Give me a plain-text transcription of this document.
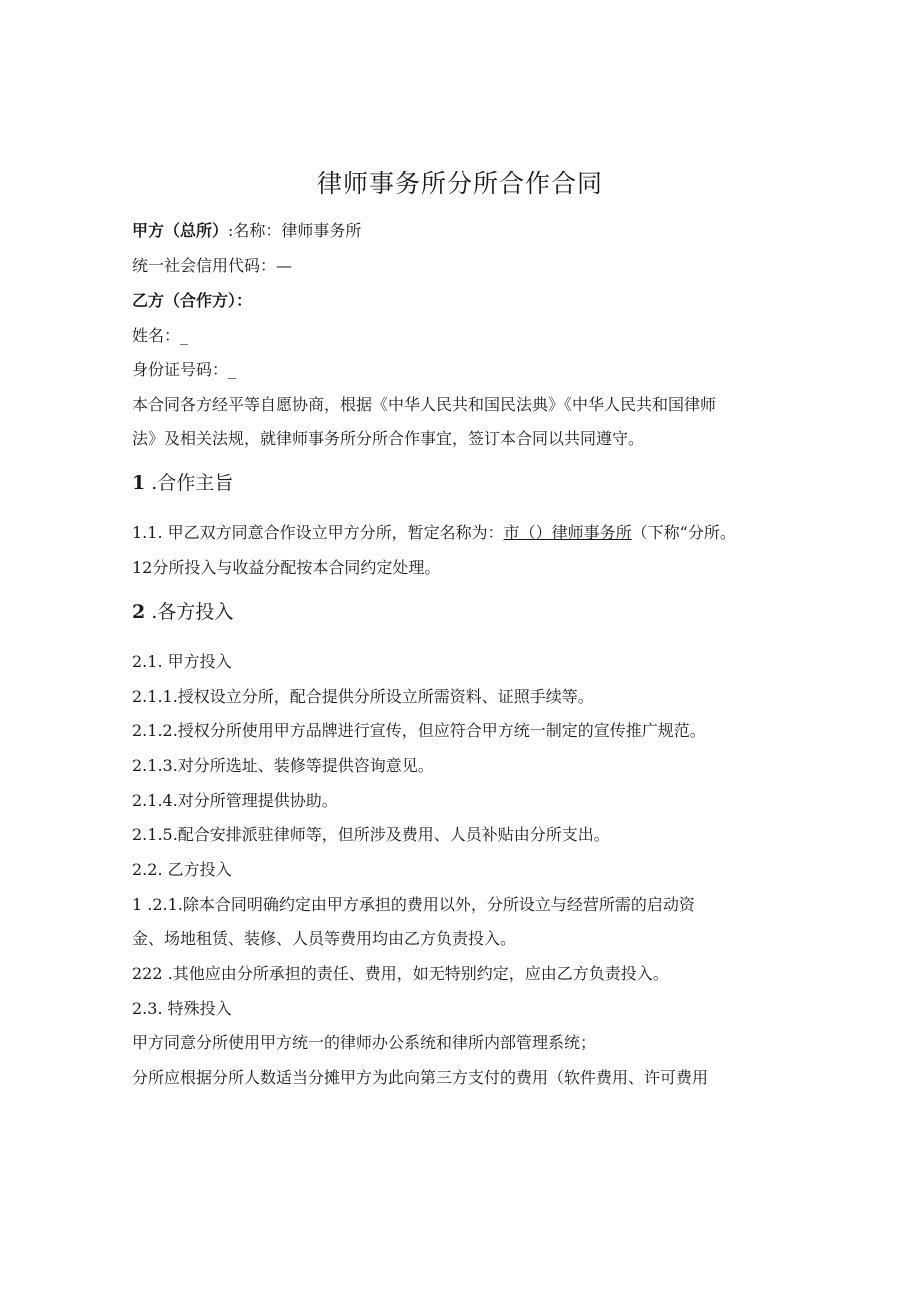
律师事务所分所合作合同

甲方（总所）:名称：律师事务所

统一社会信用代码：—

乙方（合作方）：

姓名：_

身份证号码：_

本合同各方经平等自愿协商，根据《中华人民共和国民法典》《中华人民共和国律师

法》及相关法规，就律师事务所分所合作事宜，签订本合同以共同遵守。

1 .合作主旨

1.1. 甲乙双方同意合作设立甲方分所，暂定名称为：市（）律师事务所（下称“分所。

12分所投入与收益分配按本合同约定处理。

2 .各方投入

2.1. 甲方投入

2.1.1.授权设立分所，配合提供分所设立所需资料、证照手续等。

2.1.2.授权分所使用甲方品牌进行宣传，但应符合甲方统一制定的宣传推广规范。

2.1.3.对分所选址、装修等提供咨询意见。

2.1.4.对分所管理提供协助。

2.1.5.配合安排派驻律师等，但所涉及费用、人员补贴由分所支出。

2.2. 乙方投入

1 .2.1.除本合同明确约定由甲方承担的费用以外，分所设立与经营所需的启动资

金、场地租赁、装修、人员等费用均由乙方负责投入。

222 .其他应由分所承担的责任、费用，如无特别约定，应由乙方负责投入。

2.3. 特殊投入

甲方同意分所使用甲方统一的律师办公系统和律所内部管理系统；

分所应根据分所人数适当分摊甲方为此向第三方支付的费用（软件费用、许可费用
